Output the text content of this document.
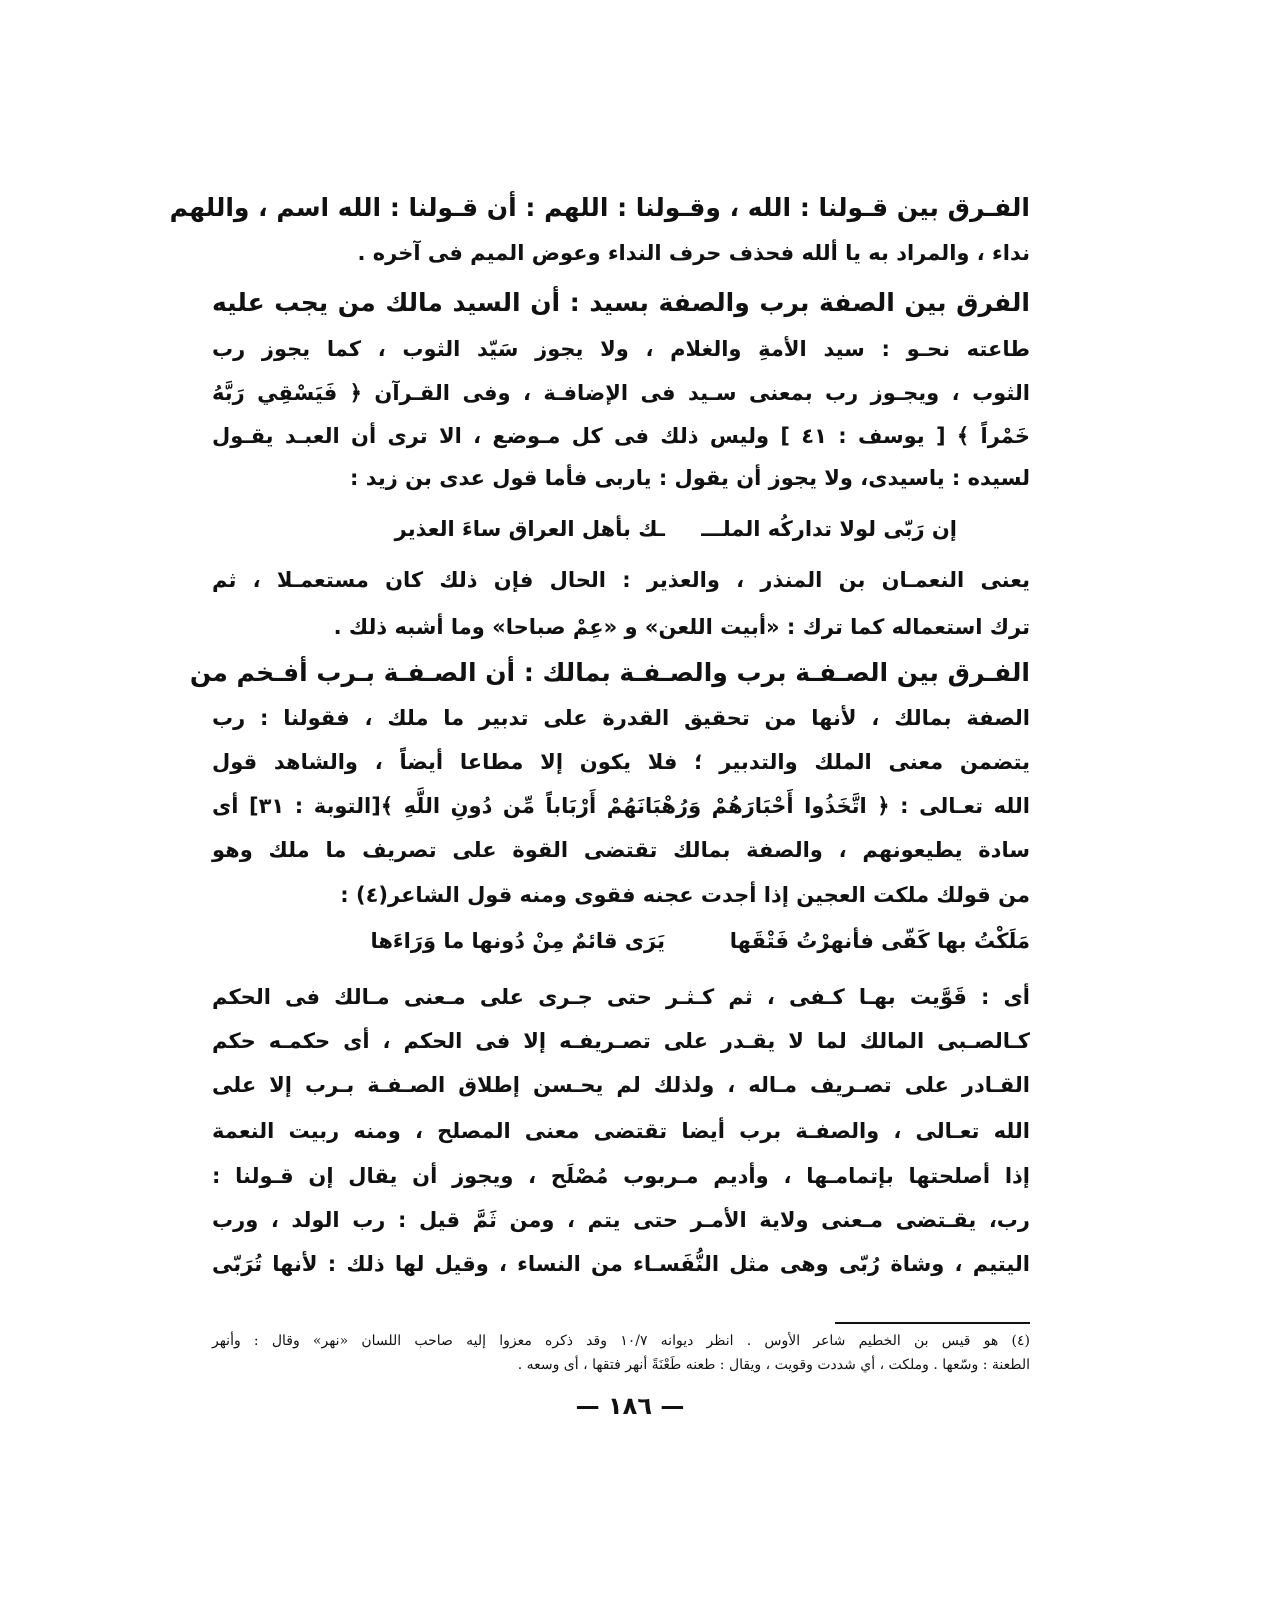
الفـرق بين قـولنا : الله ، وقـولنا : اللهم : أن قـولنا : الله اسم ، واللهم
نداء ، والمراد به يا ألله فحذف حرف النداء وعوض الميم فى آخره .
الفرق بين الصفة برب والصفة بسيد : أن السيد مالك من يجب عليه
طاعته نحـو : سيد الأمةِ والغلام ، ولا يجوز سَيّد الثوب ، كما يجوز رب
الثوب ، ويجـوز رب بمعنى سـيد فى الإضافـة ، وفى القـرآن ﴿ فَيَسْقِي رَبَّهُ
خَمْراً ﴾ [ يوسف : ٤١ ] وليس ذلك فى كل مـوضع ، الا ترى أن العبـد يقـول
لسيده : ياسيدى، ولا يجوز أن يقول : ياربى فأما قول عدى بن زيد :
إن رَبّى لولا تداركُه الملـــ
ـك بأهل العراق ساءَ العذير
يعنى النعمـان بن المنذر ، والعذير : الحال فإن ذلك كان مستعمـلا ، ثم
ترك استعماله كما ترك : «أبيت اللعن» و «عِمْ صباحا» وما أشبه ذلك .
الفـرق بين الصـفـة برب والصـفـة بمالك : أن الصـفـة بـرب أفـخم من
الصفة بمالك ، لأنها من تحقيق القدرة على تدبير ما ملك ، فقولنا : رب
يتضمن معنى الملك والتدبير ؛ فلا يكون إلا مطاعا أيضاً ، والشاهد قول
الله تعـالى : ﴿ اتَّخَذُوا أَحْبَارَهُمْ وَرُهْبَانَهُمْ أَرْبَاباً مِّن دُونِ اللَّهِ ﴾[التوبة : ٣١] أى
سادة يطيعونهم ، والصفة بمالك تقتضى القوة على تصريف ما ملك وهو
من قولك ملكت العجين إذا أجدت عجنه فقوى ومنه قول الشاعر(٤) :
مَلَكْتُ بها كَفّى فأنهرْتُ فَتْقَها
يَرَى قائمٌ مِنْ دُونها ما وَرَاءَها
أى : قَوَّيت بهـا كـفى ، ثم كـثـر حتى جـرى على مـعنى مـالك فى الحكم
كـالصـبى المالك لما لا يقـدر على تصـريفـه إلا فى الحكم ، أى حكمـه حكم
القـادر على تصـريف مـاله ، ولذلك لم يحـسن إطلاق الصـفـة بـرب إلا على
الله تعـالى ، والصفـة برب أيضا تقتضى معنى المصلح ، ومنه ربيت النعمة
إذا أصلحتها بإتمامـها ، وأديم مـربوب مُصْلَح ، ويجوز أن يقال إن قـولنا :
رب، يقـتضى مـعنى ولاية الأمـر حتى يتم ، ومن ثَمَّ قيل : رب الولد ، ورب
اليتيم ، وشاة رُبّى وهى مثل النُّفَسـاء من النساء ، وقيل لها ذلك : لأنها تُرَبّى
(٤) هو قيس بن الخطيم شاعر الأوس . انظر ديوانه ١٠/٧ وقد ذكره معزوا إليه صاحب اللسان «نهر» وقال : وأنهر
الطعنة : وسّعها . وملكت ، أي شددت وقويت ، ويقال : طعنه طَعْنَةً أنهر فتقها ، أى وسعه .
— ١٨٦ —
